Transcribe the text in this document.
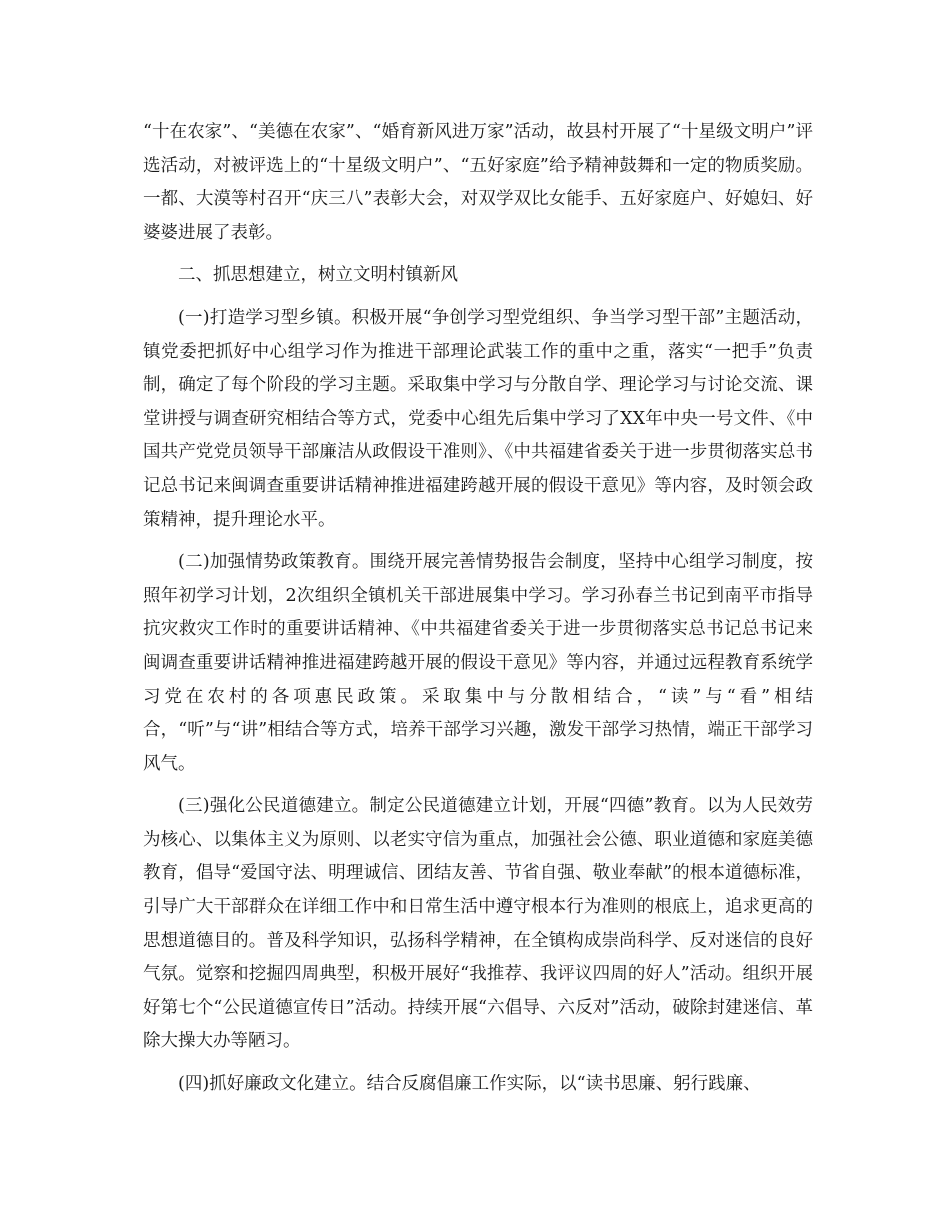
“十在农家”、“美德在农家”、“婚育新风进万家”活动，故县村开展了“十星级文明户”评选活动，对被评选上的“十星级文明户”、“五好家庭”给予精神鼓舞和一定的物质奖励。一都、大漠等村召开“庆三八”表彰大会，对双学双比女能手、五好家庭户、好媳妇、好婆婆进展了表彰。

二、抓思想建立，树立文明村镇新风

(一)打造学习型乡镇。积极开展“争创学习型党组织、争当学习型干部”主题活动，镇党委把抓好中心组学习作为推进干部理论武装工作的重中之重，落实“一把手”负责制，确定了每个阶段的学习主题。采取集中学习与分散自学、理论学习与讨论交流、课堂讲授与调查研究相结合等方式，党委中心组先后集中学习了XX年中央一号文件、《中国共产党党员领导干部廉洁从政假设干准则》、《中共福建省委关于进一步贯彻落实总书记总书记来闽调查重要讲话精神推进福建跨越开展的假设干意见》等内容，及时领会政策精神，提升理论水平。

(二)加强情势政策教育。围绕开展完善情势报告会制度，坚持中心组学习制度，按照年初学习计划，2次组织全镇机关干部进展集中学习。学习孙春兰书记到南平市指导抗灾救灾工作时的重要讲话精神、《中共福建省委关于进一步贯彻落实总书记总书记来闽调查重要讲话精神推进福建跨越开展的假设干意见》等内容，并通过远程教育系统学习党在农村的各项惠民政策。采取集中与分散相结合，“读”与“看”相结合，“听”与“讲”相结合等方式，培养干部学习兴趣，激发干部学习热情，端正干部学习风气。

(三)强化公民道德建立。制定公民道德建立计划，开展“四德”教育。以为人民效劳为核心、以集体主义为原则、以老实守信为重点，加强社会公德、职业道德和家庭美德教育，倡导“爱国守法、明理诚信、团结友善、节省自强、敬业奉献”的根本道德标准，引导广大干部群众在详细工作中和日常生活中遵守根本行为准则的根底上，追求更高的思想道德目的。普及科学知识，弘扬科学精神，在全镇构成崇尚科学、反对迷信的良好气氛。觉察和挖掘四周典型，积极开展好“我推荐、我评议四周的好人”活动。组织开展好第七个“公民道德宣传日”活动。持续开展“六倡导、六反对”活动，破除封建迷信、革除大操大办等陋习。

(四)抓好廉政文化建立。结合反腐倡廉工作实际，以“读书思廉、躬行践廉、
